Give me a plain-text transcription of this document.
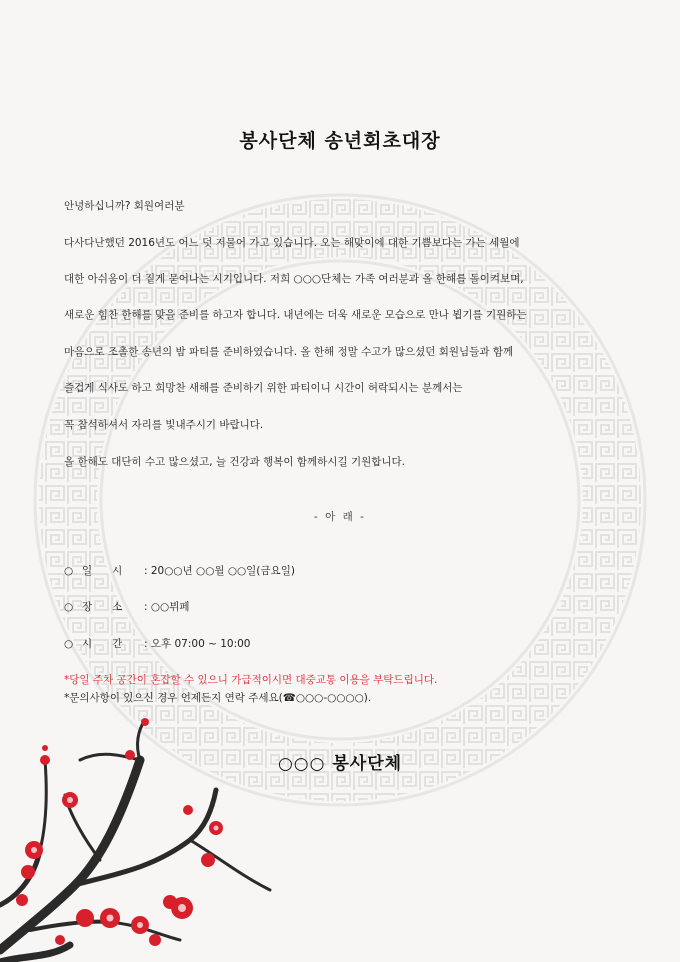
봉사단체 송년회초대장
안녕하십니까? 회원여러분
다사다난했던 2016년도 어느 덧 저물어 가고 있습니다. 오는 해맞이에 대한 기쁨보다는 가는 세월에
대한 아쉬움이 더 짙게 묻어나는 시기입니다. 저희 ○○○단체는 가족 여러분과 올 한해를 돌이켜보며,
새로운 힘찬 한해를 맞을 준비를 하고자 합니다. 내년에는 더욱 새로운 모습으로 만나 뵙기를 기원하는
마음으로 조촐한 송년의 밤 파티를 준비하였습니다. 올 한해 정말 수고가 많으셨던 회원님들과 함께
즐겁게 식사도 하고 희망찬 새해를 준비하기 위한 파티이니 시간이 허락되시는 분께서는
꼭 참석하셔서 자리를 빛내주시기 바랍니다.
올 한해도 대단히 수고 많으셨고, 늘 건강과 행복이 함께하시길 기원합니다.
- 아 래 -
○ 일      시 : 20○○년 ○○월 ○○일(금요일)
○ 장      소 : ○○뷔페
○ 시      간 : 오후 07:00 ~ 10:00
*당일 주차 공간이 혼잡할 수 있으니 가급적이시면 대중교통 이용을 부탁드립니다.
*문의사항이 있으신 경우 언제든지 연락 주세요(☎○○○-○○○○).
○○○ 봉사단체
